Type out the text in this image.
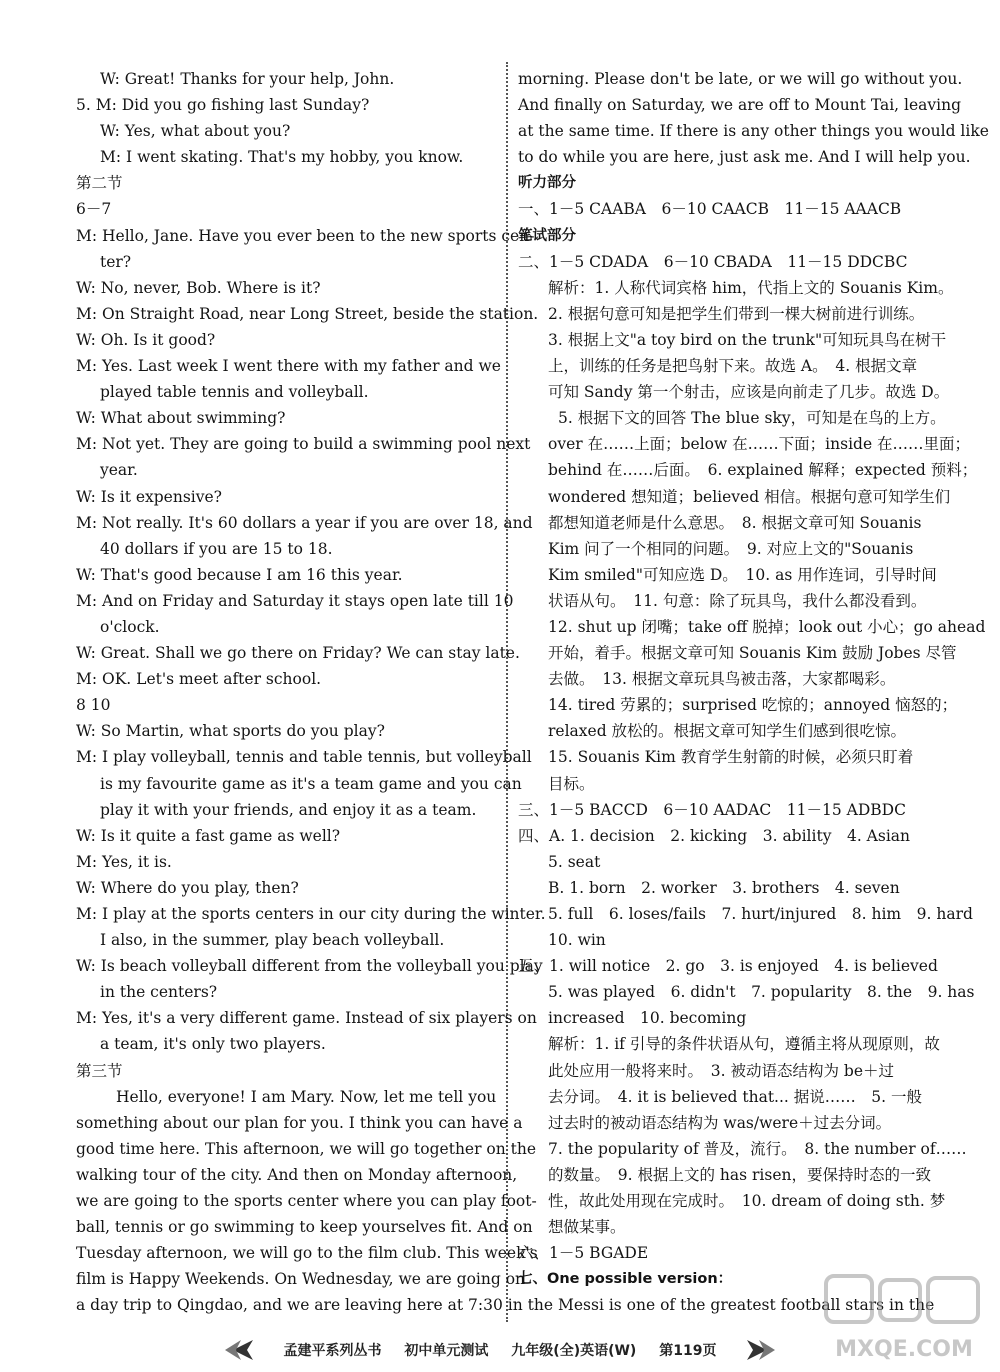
W: Great! Thanks for your help, John.
5. M: Did you go fishing last Sunday?
W: Yes, what about you?
M: I went skating. That's my hobby, you know.
第二节
6－7
M: Hello, Jane. Have you ever been to the new sports cen-
ter?
W: No, never, Bob. Where is it?
M: On Straight Road, near Long Street, beside the station.
W: Oh. Is it good?
M: Yes. Last week I went there with my father and we
played table tennis and volleyball.
W: What about swimming?
M: Not yet. They are going to build a swimming pool next
year.
W: Is it expensive?
M: Not really. It's 60 dollars a year if you are over 18, and
40 dollars if you are 15 to 18.
W: That's good because I am 16 this year.
M: And on Friday and Saturday it stays open late till 10
o'clock.
W: Great. Shall we go there on Friday? We can stay late.
M: OK. Let's meet after school.
8 10
W: So Martin, what sports do you play?
M: I play volleyball, tennis and table tennis, but volleyball
is my favourite game as it's a team game and you can
play it with your friends, and enjoy it as a team.
W: Is it quite a fast game as well?
M: Yes, it is.
W: Where do you play, then?
M: I play at the sports centers in our city during the winter.
I also, in the summer, play beach volleyball.
W: Is beach volleyball different from the volleyball you play
in the centers?
M: Yes, it's a very different game. Instead of six players on
a team, it's only two players.
第三节
Hello, everyone! I am Mary. Now, let me tell you
something about our plan for you. I think you can have a
good time here. This afternoon, we will go together on the
walking tour of the city. And then on Monday afternoon,
we are going to the sports center where you can play foot-
ball, tennis or go swimming to keep yourselves fit. And on
Tuesday afternoon, we will go to the film club. This week's
film is Happy Weekends. On Wednesday, we are going on
a day trip to Qingdao, and we are leaving here at 7:30 in the
morning. Please don't be late, or we will go without you.
And finally on Saturday, we are off to Mount Tai, leaving
at the same time. If there is any other things you would like
to do while you are here, just ask me. And I will help you.
听力部分
一、1－5 CAABA　6－10 CAACB　11－15 AAACB
笔试部分
二、1－5 CDADA　6－10 CBADA　11－15 DDCBC
解析：1. 人称代词宾格 him，代指上文的 Souanis Kim。
2. 根据句意可知是把学生们带到一棵大树前进行训练。
3. 根据上文"a toy bird on the trunk"可知玩具鸟在树干
上，训练的任务是把鸟射下来。故选 A。　4. 根据文章
可知 Sandy 第一个射击，应该是向前走了几步。故选 D。
5. 根据下文的回答 The blue sky，可知是在鸟的上方。
over 在……上面；below 在……下面；inside 在……里面；
behind 在……后面。　6. explained 解释；expected 预料；
wondered 想知道；believed 相信。根据句意可知学生们
都想知道老师是什么意思。　8. 根据文章可知 Souanis
Kim 问了一个相同的问题。　9. 对应上文的"Souanis
Kim smiled"可知应选 D。　10. as 用作连词，引导时间
状语从句。　11. 句意：除了玩具鸟，我什么都没看到。
12. shut up 闭嘴；take off 脱掉；look out 小心；go ahead
开始，着手。根据文章可知 Souanis Kim 鼓励 Jobes 尽管
去做。　13. 根据文章玩具鸟被击落，大家都喝彩。
14. tired 劳累的；surprised 吃惊的；annoyed 恼怒的；
relaxed 放松的。根据文章可知学生们感到很吃惊。
15. Souanis Kim 教育学生射箭的时候，必须只盯着
目标。
三、1－5 BACCD　6－10 AADAC　11－15 ADBDC
四、A. 1. decision　2. kicking　3. ability　4. Asian
5. seat
B. 1. born　2. worker　3. brothers　4. seven
5. full　6. loses/fails　7. hurt/injured　8. him　9. hard
10. win
五、1. will notice　2. go　3. is enjoyed　4. is believed
5. was played　6. didn't　7. popularity　8. the　9. has
increased　10. becoming
解析：1. if 引导的条件状语从句，遵循主将从现原则，故
此处应用一般将来时。　3. 被动语态结构为 be＋过
去分词。　4. it is believed that... 据说……　5. 一般
过去时的被动语态结构为 was/were＋过去分词。
7. the popularity of 普及，流行。　8. the number of……
的数量。　9. 根据上文的 has risen，要保持时态的一致
性，故此处用现在完成时。　10. dream of doing sth. 梦
想做某事。
六、1－5 BGADE
七、One possible version：
Messi is one of the greatest football stars in the
孟建平系列丛书 初中单元测试 九年级(全)英语(W) 第119页	MXQE.COM
